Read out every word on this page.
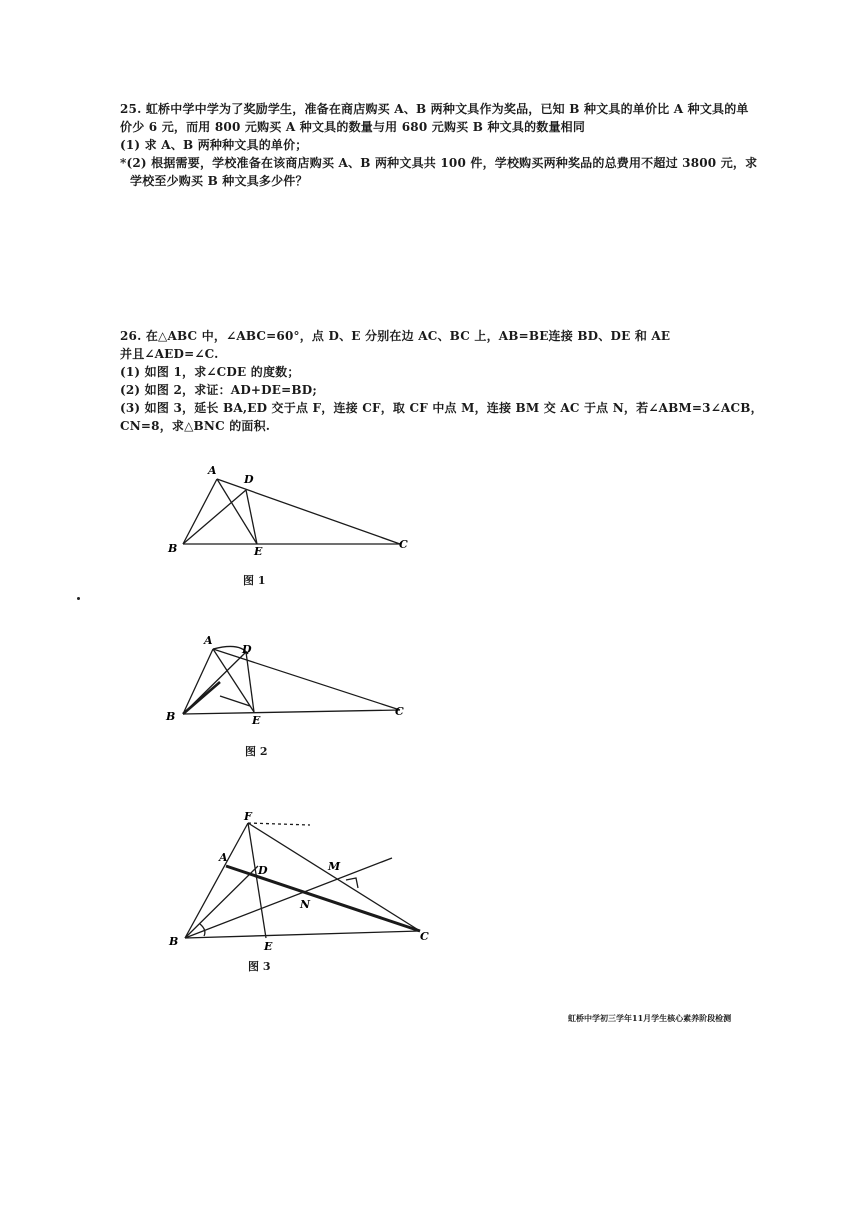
25. 虹桥中学中学为了奖励学生，准备在商店购买 A、B 两种文具作为奖品，已知 B 种文具的单价比 A 种文具的单
价少 6 元，而用 800 元购买 A 种文具的数量与用 680 元购买 B 种文具的数量相同
(1) 求 A、B 两种种文具的单价；
*(2) 根据需要，学校准备在该商店购买 A、B 两种文具共 100 件，学校购买两种奖品的总费用不超过 3800 元，求
学校至少购买 B 种文具多少件？
26. 在△ABC 中，∠ABC=60°，点 D、E 分别在边 AC、BC 上，AB=BE连接 BD、DE 和 AE
并且∠AED=∠C.
(1) 如图 1，求∠CDE 的度数；
(2) 如图 2，求证：AD+DE=BD;
(3) 如图 3，延长 BA,ED 交于点 F，连接 CF，取 CF 中点 M，连接 BM 交 AC 于点 N，若∠ABM=3∠ACB，
CN=8，求△BNC 的面积.
A
D
B	E
C
图 1
A
D
B	E
C
图 2
F
A
D	M
N
B	E
C
图 3
虹桥中学初三学年11月学生核心素养阶段检测
